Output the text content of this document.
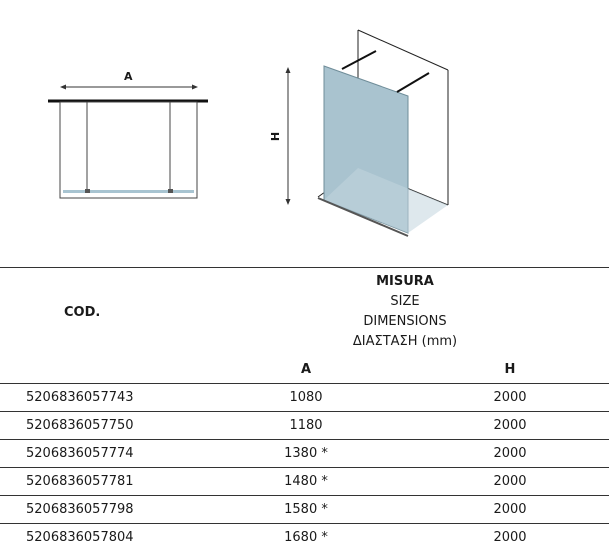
A
H
COD.	MISURA
SIZE
DIMENSIONS
ΔΙΑΣΤΑΣΗ (mm)	

	A	H
5206836057743	1080	2000
5206836057750	1180	2000
5206836057774	1380 *	2000
5206836057781	1480 *	2000
5206836057798	1580 *	2000
5206836057804	1680 *	2000
